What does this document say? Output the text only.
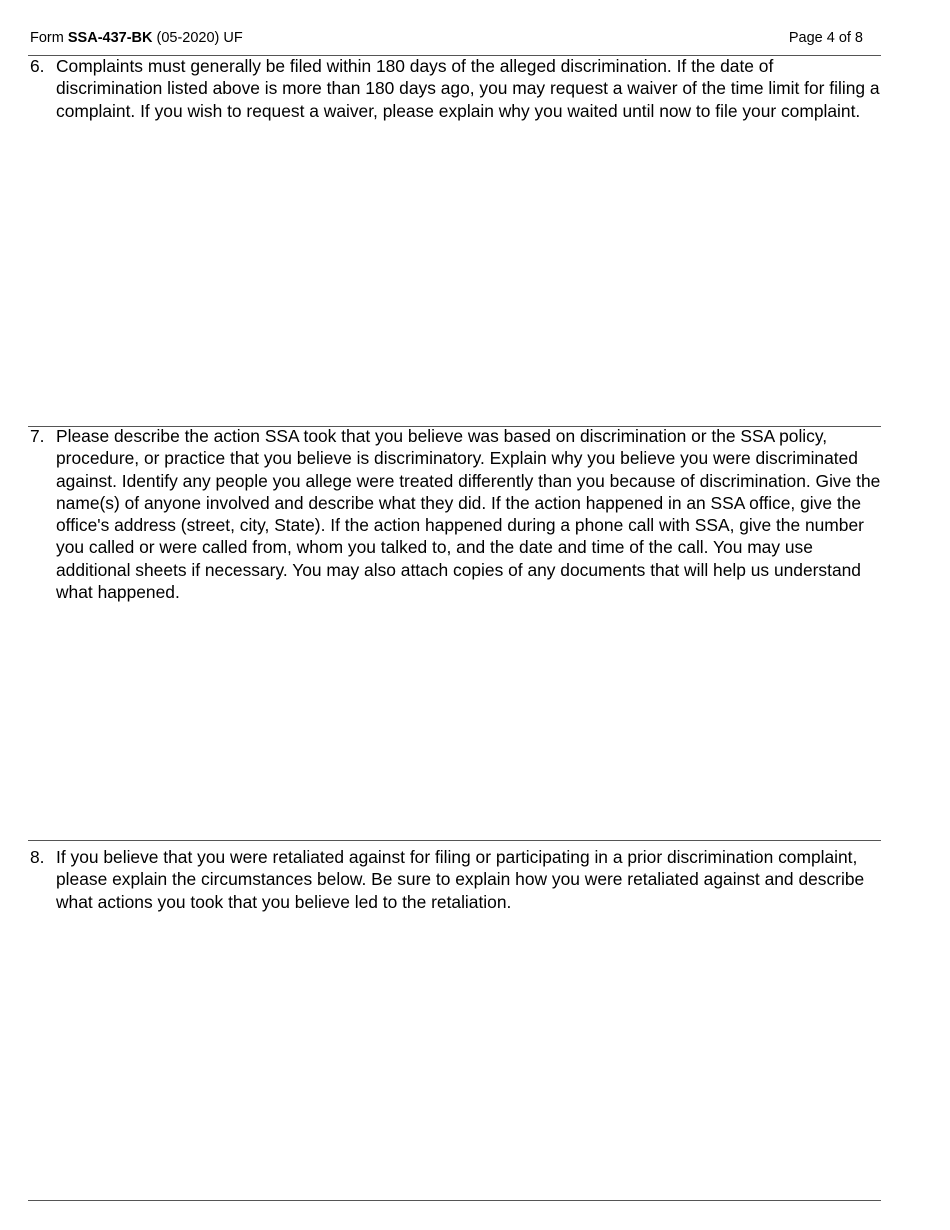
Form SSA-437-BK (05-2020) UF	Page 4 of 8
6. Complaints must generally be filed within 180 days of the alleged discrimination. If the date of discrimination listed above is more than 180 days ago, you may request a waiver of the time limit for filing a complaint. If you wish to request a waiver, please explain why you waited until now to file your complaint.
7. Please describe the action SSA took that you believe was based on discrimination or the SSA policy, procedure, or practice that you believe is discriminatory. Explain why you believe you were discriminated against. Identify any people you allege were treated differently than you because of discrimination. Give the name(s) of anyone involved and describe what they did. If the action happened in an SSA office, give the office's address (street, city, State). If the action happened during a phone call with SSA, give the number you called or were called from, whom you talked to, and the date and time of the call. You may use additional sheets if necessary. You may also attach copies of any documents that will help us understand what happened.
8. If you believe that you were retaliated against for filing or participating in a prior discrimination complaint, please explain the circumstances below. Be sure to explain how you were retaliated against and describe what actions you took that you believe led to the retaliation.
